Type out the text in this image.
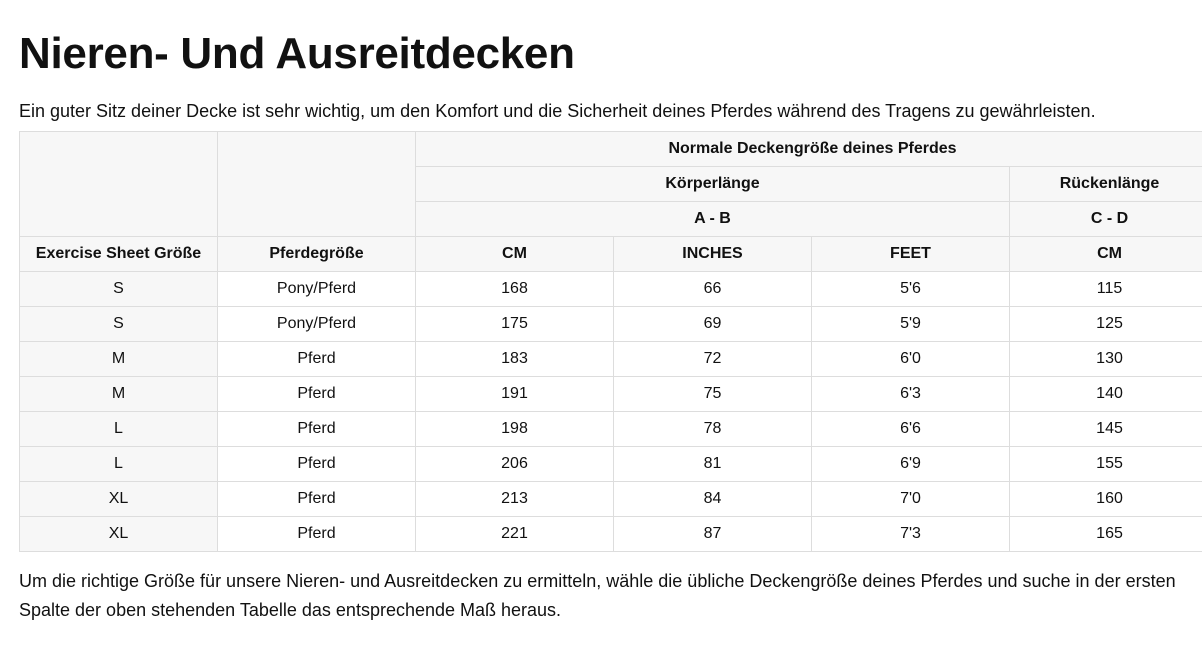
Nieren- Und Ausreitdecken

Ein guter Sitz deiner Decke ist sehr wichtig, um den Komfort und die Sicherheit deines Pferdes während des Tragens zu gewährleisten.

		Normale Deckengröße deines Pferdes			
		Körperlänge			Rückenlänge
		A - B			C - D
Exercise Sheet Größe	Pferdegröße	CM	INCHES	FEET	CM
S	Pony/Pferd	168	66	5'6	115
S	Pony/Pferd	175	69	5'9	125
M	Pferd	183	72	6'0	130
M	Pferd	191	75	6'3	140
L	Pferd	198	78	6'6	145
L	Pferd	206	81	6'9	155
XL	Pferd	213	84	7'0	160
XL	Pferd	221	87	7'3	165

Um die richtige Größe für unsere Nieren- und Ausreitdecken zu ermitteln, wähle die übliche Deckengröße deines Pferdes und suche in der ersten Spalte der oben stehenden Tabelle das entsprechende Maß heraus.
